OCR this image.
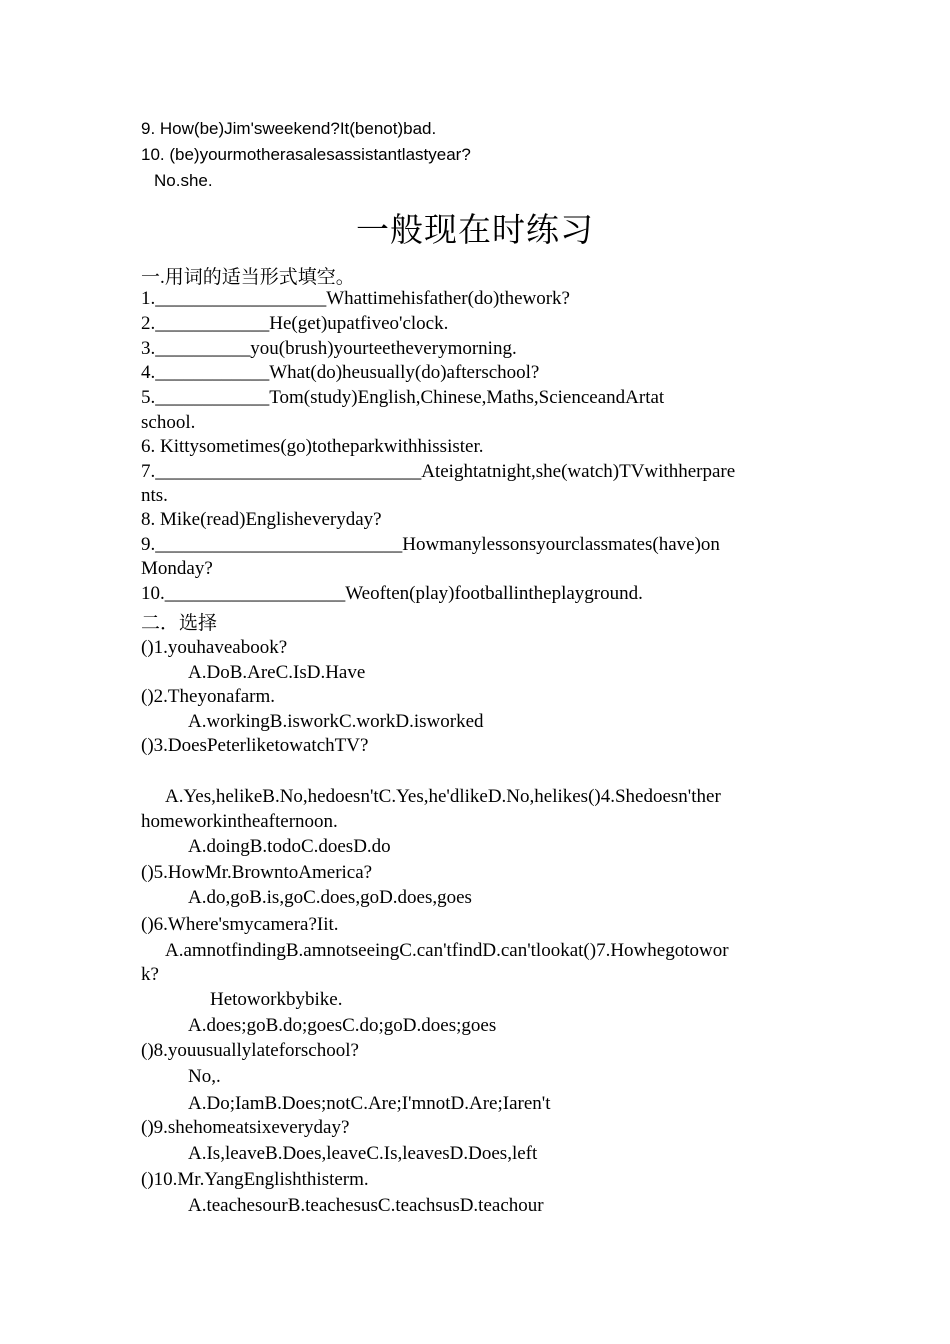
9. How(be)Jim'sweekend?It(benot)bad.
10. (be)yourmotherasalesassistantlastyear?
No.she.
一般现在时练习
一.用词的适当形式填空。
1.__________________Whattimehisfather(do)thework?
2.____________He(get)upatfiveo'clock.
3.__________you(brush)yourteetheverymorning.
4.____________What(do)heusually(do)afterschool?
5.____________Tom(study)English,Chinese,Maths,ScienceandArtat
school.
6. Kittysometimes(go)totheparkwithhissister.
7.____________________________Ateightatnight,she(watch)TVwithherpare
nts.
8. Mike(read)Englisheveryday?
9.__________________________Howmanylessonsyourclassmates(have)on
Monday?
10.___________________Weoften(play)footballintheplayground.
二．选择
()1.youhaveabook?
A.DoB.AreC.IsD.Have
()2.Theyonafarm.
A.workingB.isworkC.workD.isworked
()3.DoesPeterliketowatchTV?
A.Yes,helikeB.No,hedoesn'tC.Yes,he'dlikeD.No,helikes()4.Shedoesn'ther
homeworkintheafternoon.
A.doingB.todoC.doesD.do
()5.HowMr.BrowntoAmerica?
A.do,goB.is,goC.does,goD.does,goes
()6.Where'smycamera?Iit.
A.amnotfindingB.amnotseeingC.can'tfindD.can'tlookat()7.Howhegotowor
k?
Hetoworkbybike.
A.does;goB.do;goesC.do;goD.does;goes
()8.youusuallylateforschool?
No,.
A.Do;IamB.Does;notC.Are;I'mnotD.Are;Iaren't
()9.shehomeatsixeveryday?
A.Is,leaveB.Does,leaveC.Is,leavesD.Does,left
()10.Mr.YangEnglishthisterm.
A.teachesourB.teachesusC.teachsusD.teachour
